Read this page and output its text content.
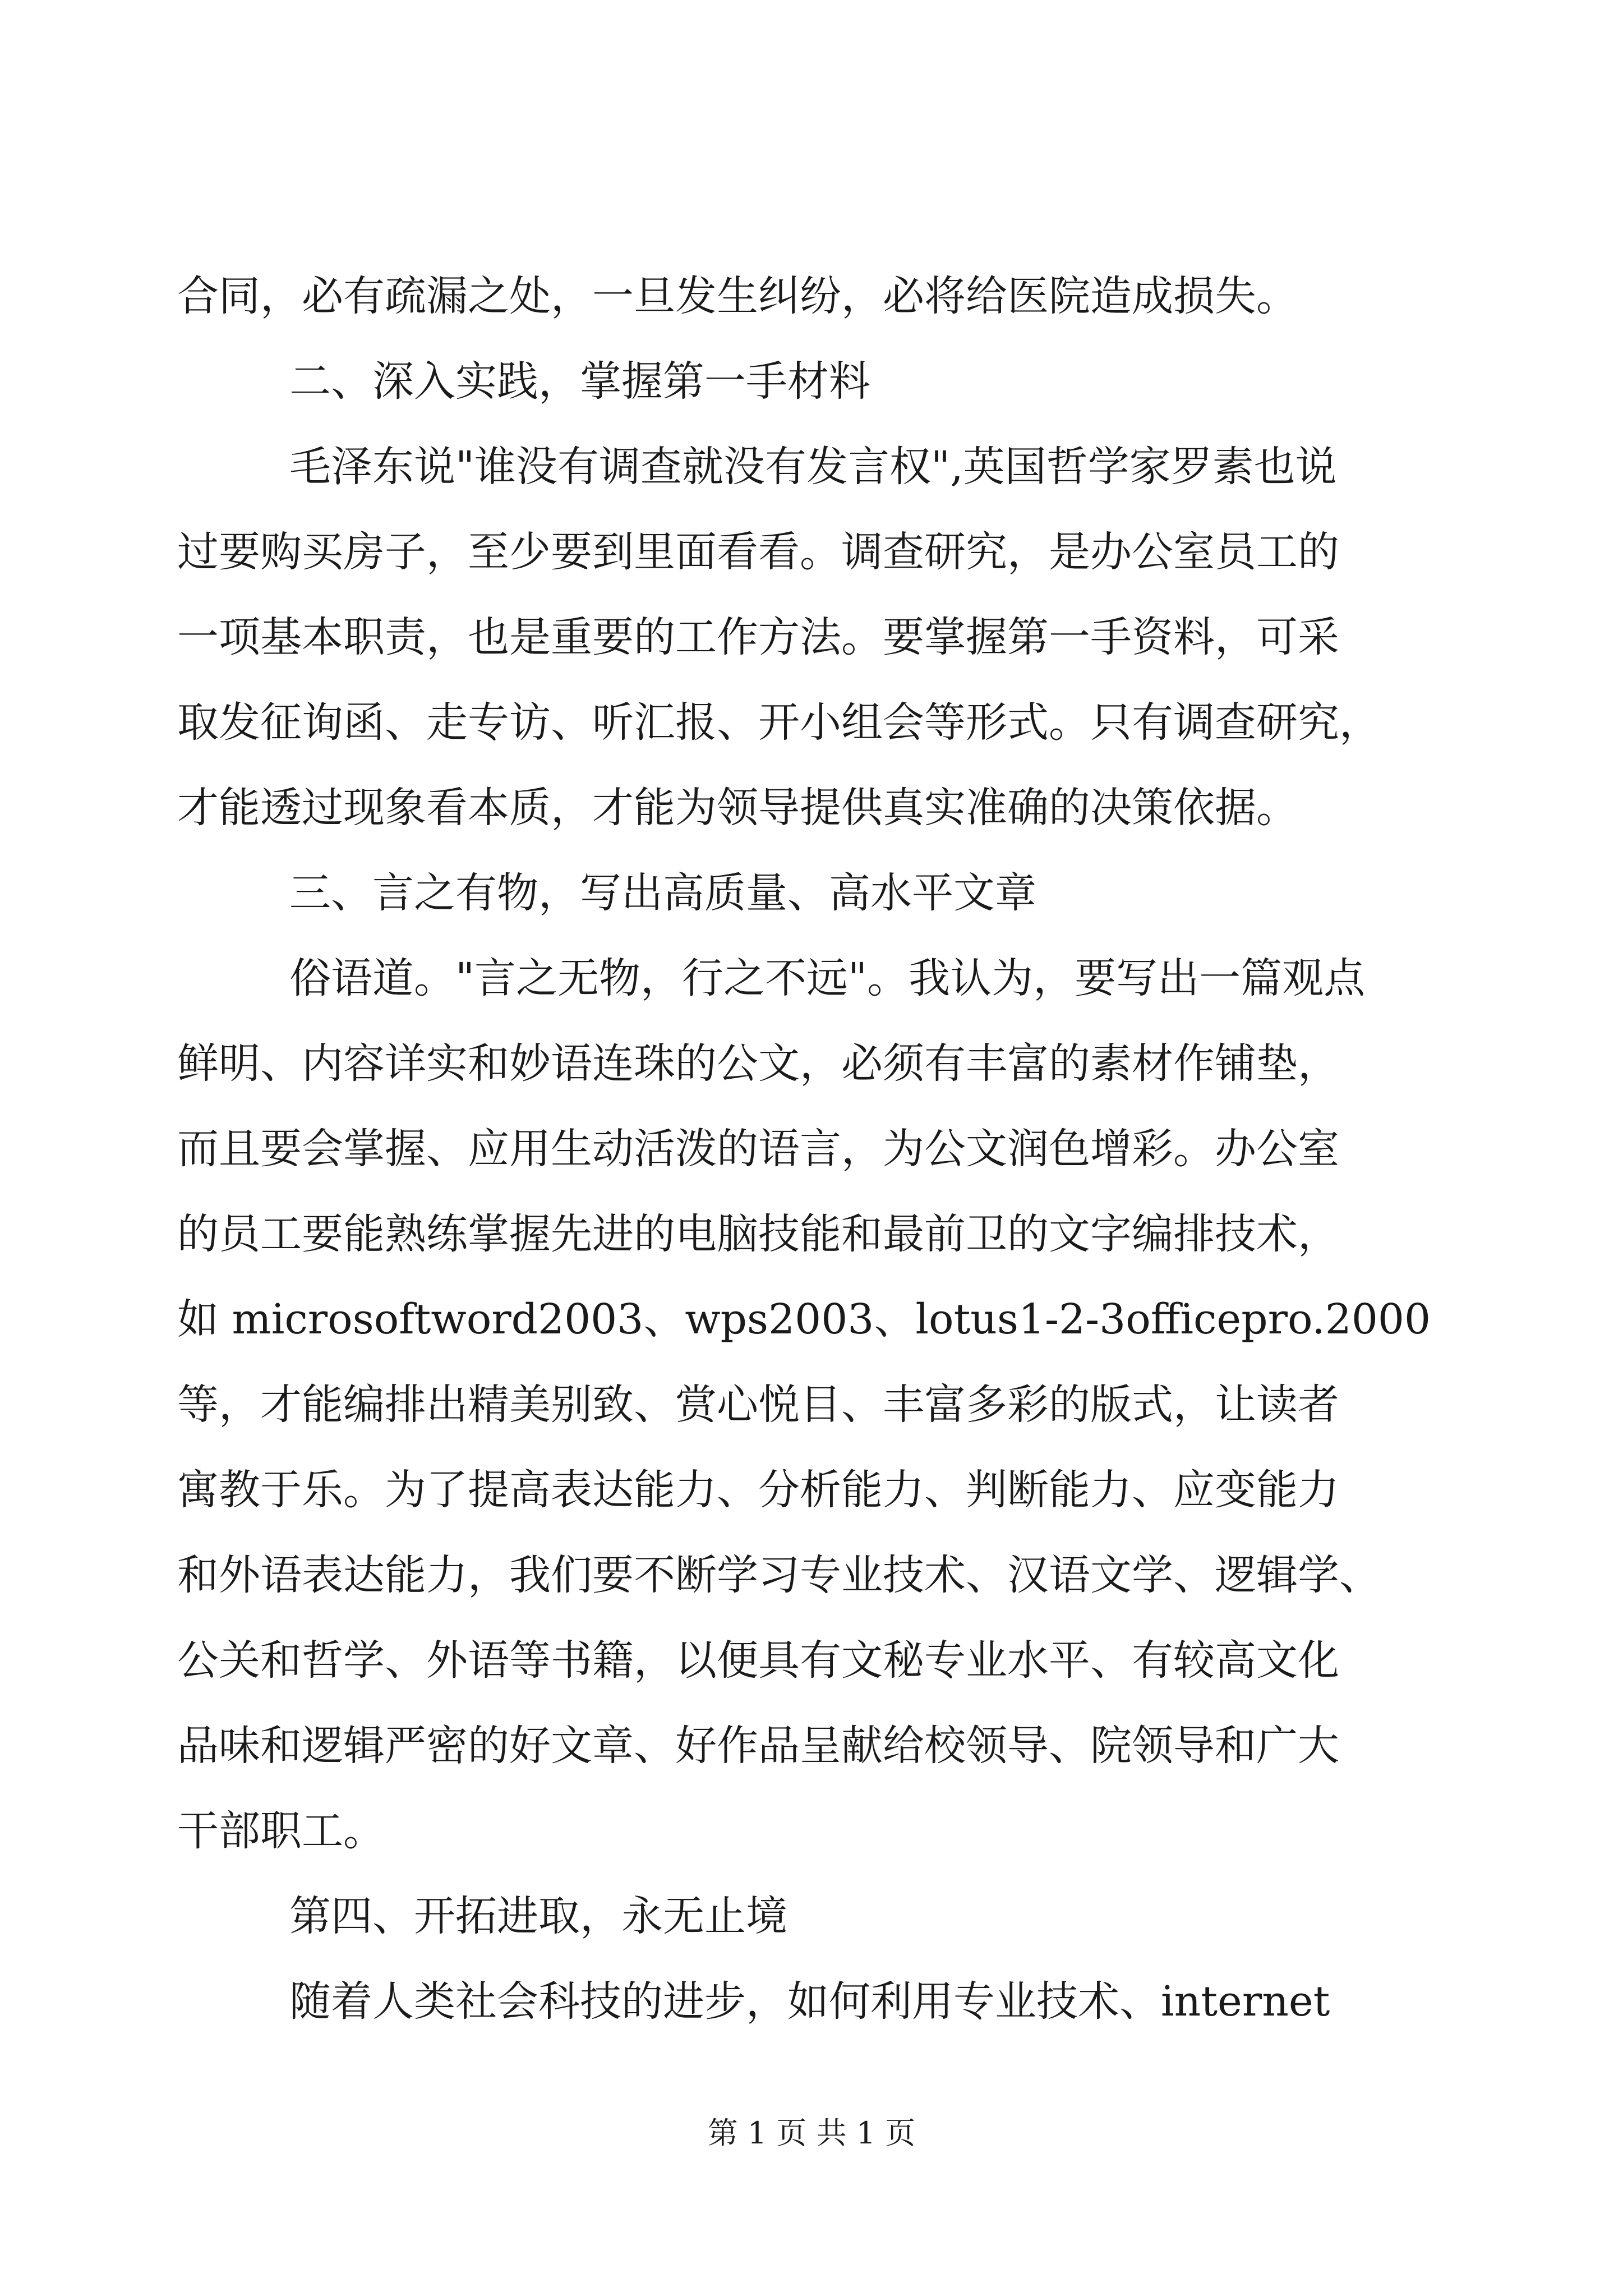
合同，必有疏漏之处，一旦发生纠纷，必将给医院造成损失。
二、深入实践，掌握第一手材料
毛泽东说"谁没有调查就没有发言权",英国哲学家罗素也说
过要购买房子，至少要到里面看看。调查研究，是办公室员工的
一项基本职责，也是重要的工作方法。要掌握第一手资料，可采
取发征询函、走专访、听汇报、开小组会等形式。只有调查研究，
才能透过现象看本质，才能为领导提供真实准确的决策依据。
三、言之有物，写出高质量、高水平文章
俗语道。"言之无物，行之不远"。我认为，要写出一篇观点
鲜明、内容详实和妙语连珠的公文，必须有丰富的素材作铺垫，
而且要会掌握、应用生动活泼的语言，为公文润色增彩。办公室
的员工要能熟练掌握先进的电脑技能和最前卫的文字编排技术，
如 microsoftword2003、wps2003、lotus1-2-3officepro.2000
等，才能编排出精美别致、赏心悦目、丰富多彩的版式，让读者
寓教于乐。为了提高表达能力、分析能力、判断能力、应变能力
和外语表达能力，我们要不断学习专业技术、汉语文学、逻辑学、
公关和哲学、外语等书籍，以便具有文秘专业水平、有较高文化
品味和逻辑严密的好文章、好作品呈献给校领导、院领导和广大
干部职工。
第四、开拓进取，永无止境
随着人类社会科技的进步，如何利用专业技术、internet
第 1 页 共 1 页
